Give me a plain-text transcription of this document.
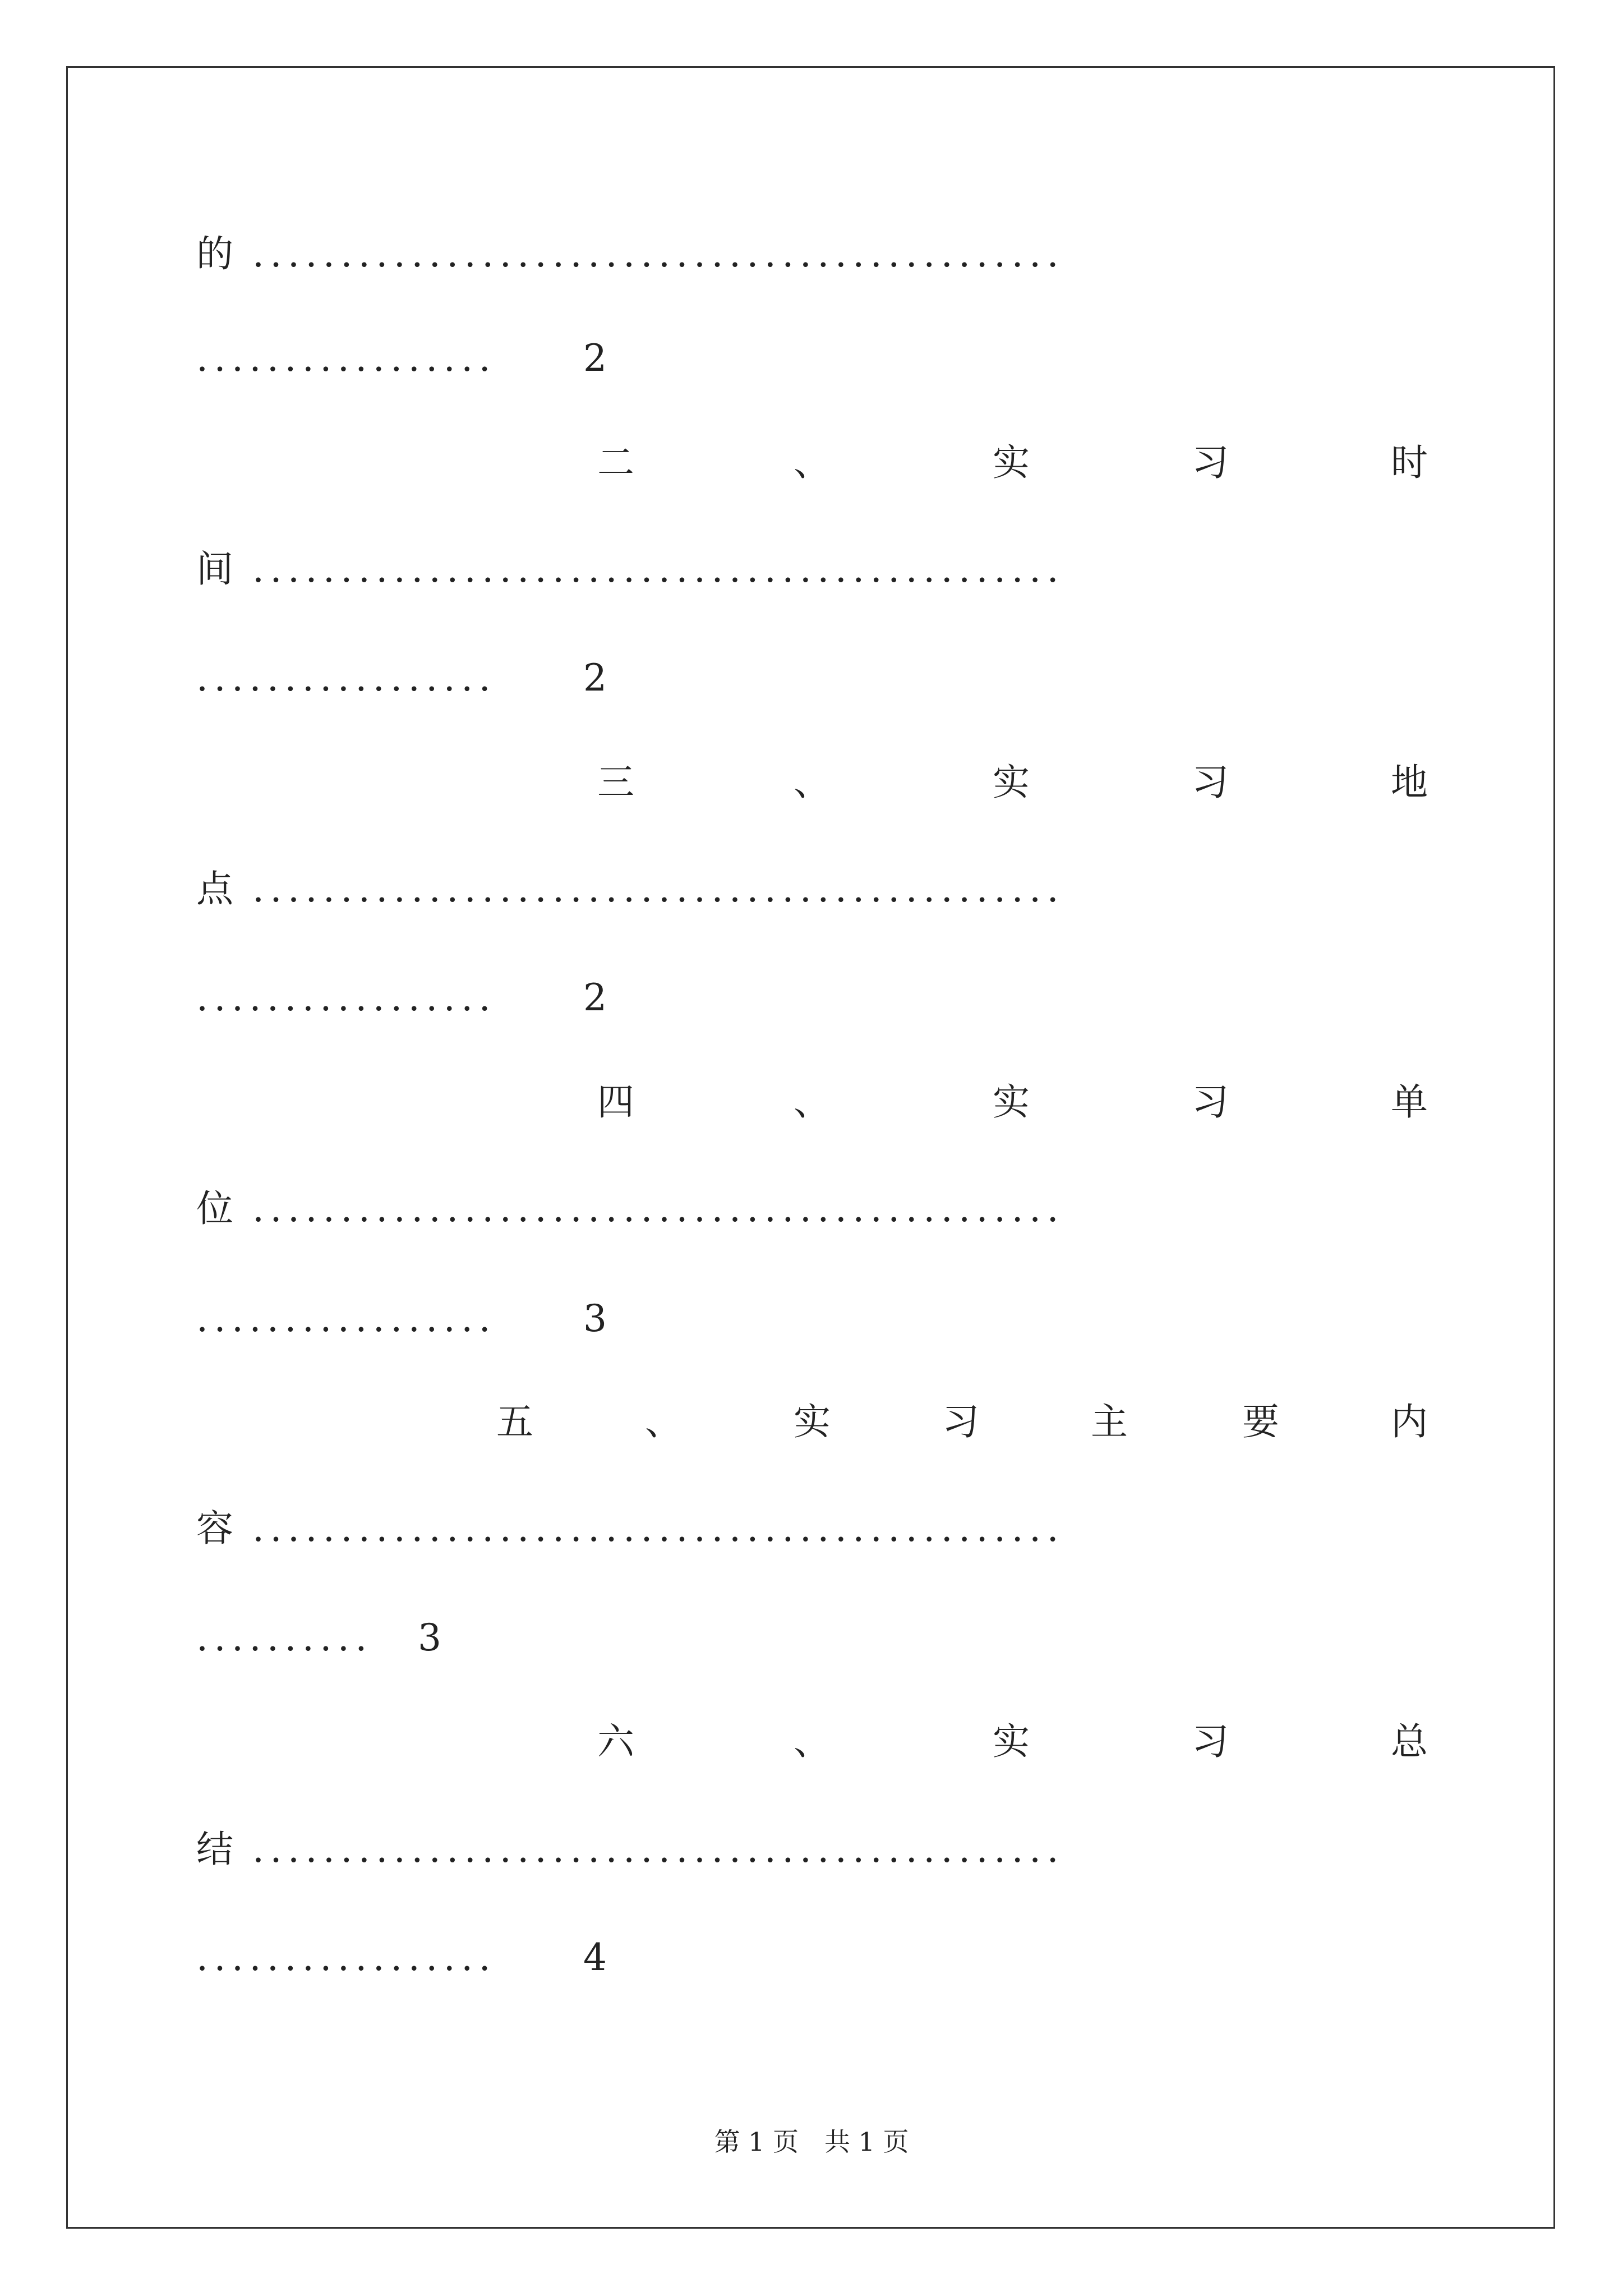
的 ..............................................
................. 2
二	、	实	习	时
间 ..............................................
................. 2
三	、	实	习	地
点 ..............................................
................. 2
四	、	实	习	单
位 ..............................................
................. 3
五	、	实	习	主	要	内
容 ..............................................
.......... 3
六	、	实	习	总
结 ..............................................
................. 4
第 1 页　共 1 页
